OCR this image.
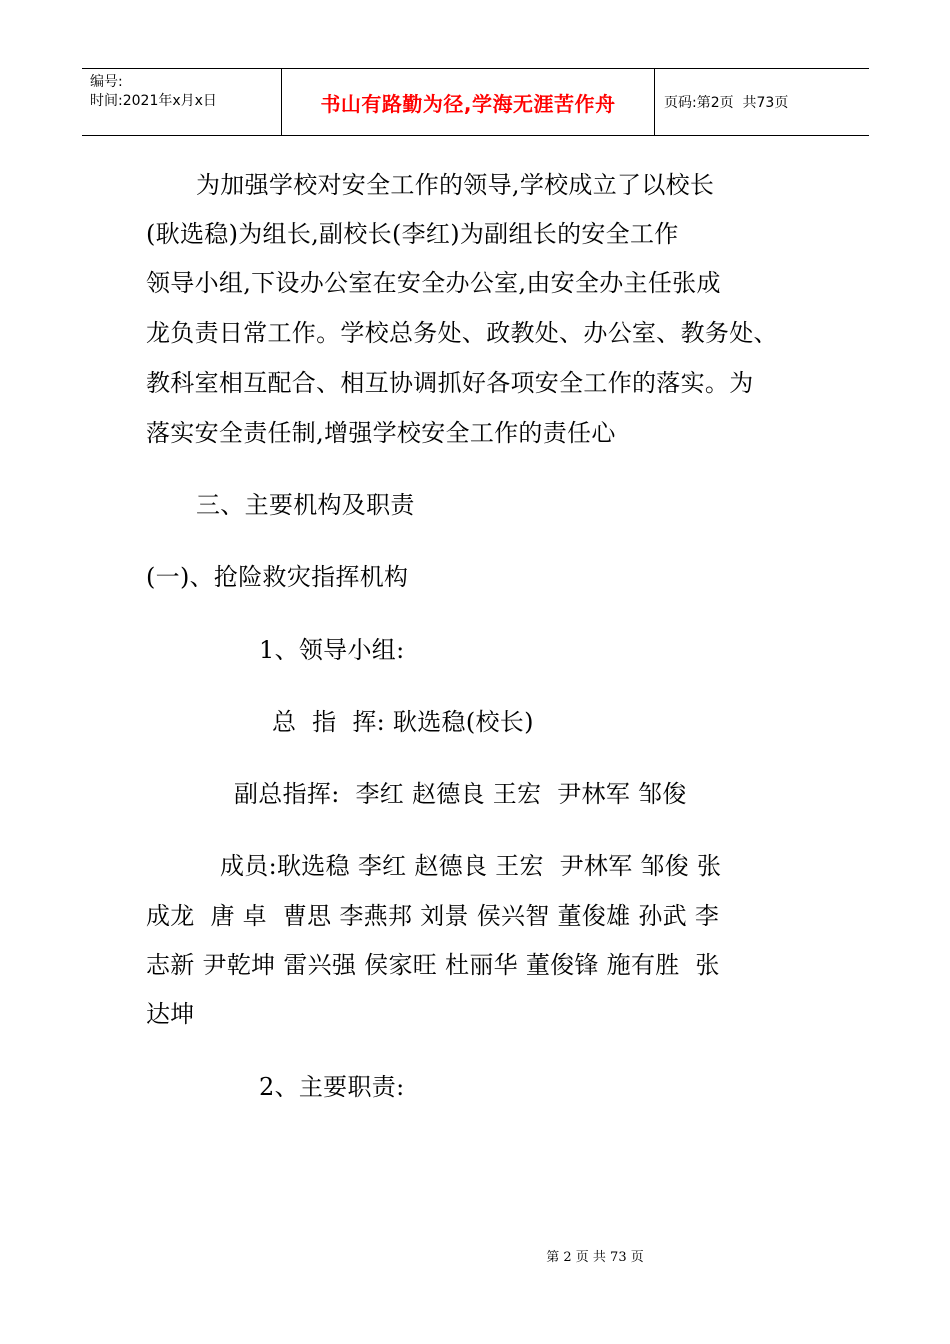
编号:
时间:2021年x月x日	书山有路勤为径,学海无涯苦作舟	页码:第2页  共73页
为加强学校对安全工作的领导,学校成立了以校长
(耿选稳)为组长,副校长(李红)为副组长的安全工作
领导小组,下设办公室在安全办公室,由安全办主任张成
龙负责日常工作。学校总务处、政教处、办公室、教务处、
教科室相互配合、相互协调抓好各项安全工作的落实。为
落实安全责任制,增强学校安全工作的责任心
三、主要机构及职责
(一)、抢险救灾指挥机构
1、领导小组:
总  指  挥: 耿选稳(校长)
副总指挥:  李红 赵德良 王宏  尹林军 邹俊
成员:耿选稳 李红 赵德良 王宏  尹林军 邹俊 张
成龙  唐 卓  曹思 李燕邦 刘景 侯兴智 董俊雄 孙武 李
志新 尹乾坤 雷兴强 侯家旺 杜丽华 董俊锋 施有胜  张
达坤
2、主要职责:
第 2 页 共 73 页
